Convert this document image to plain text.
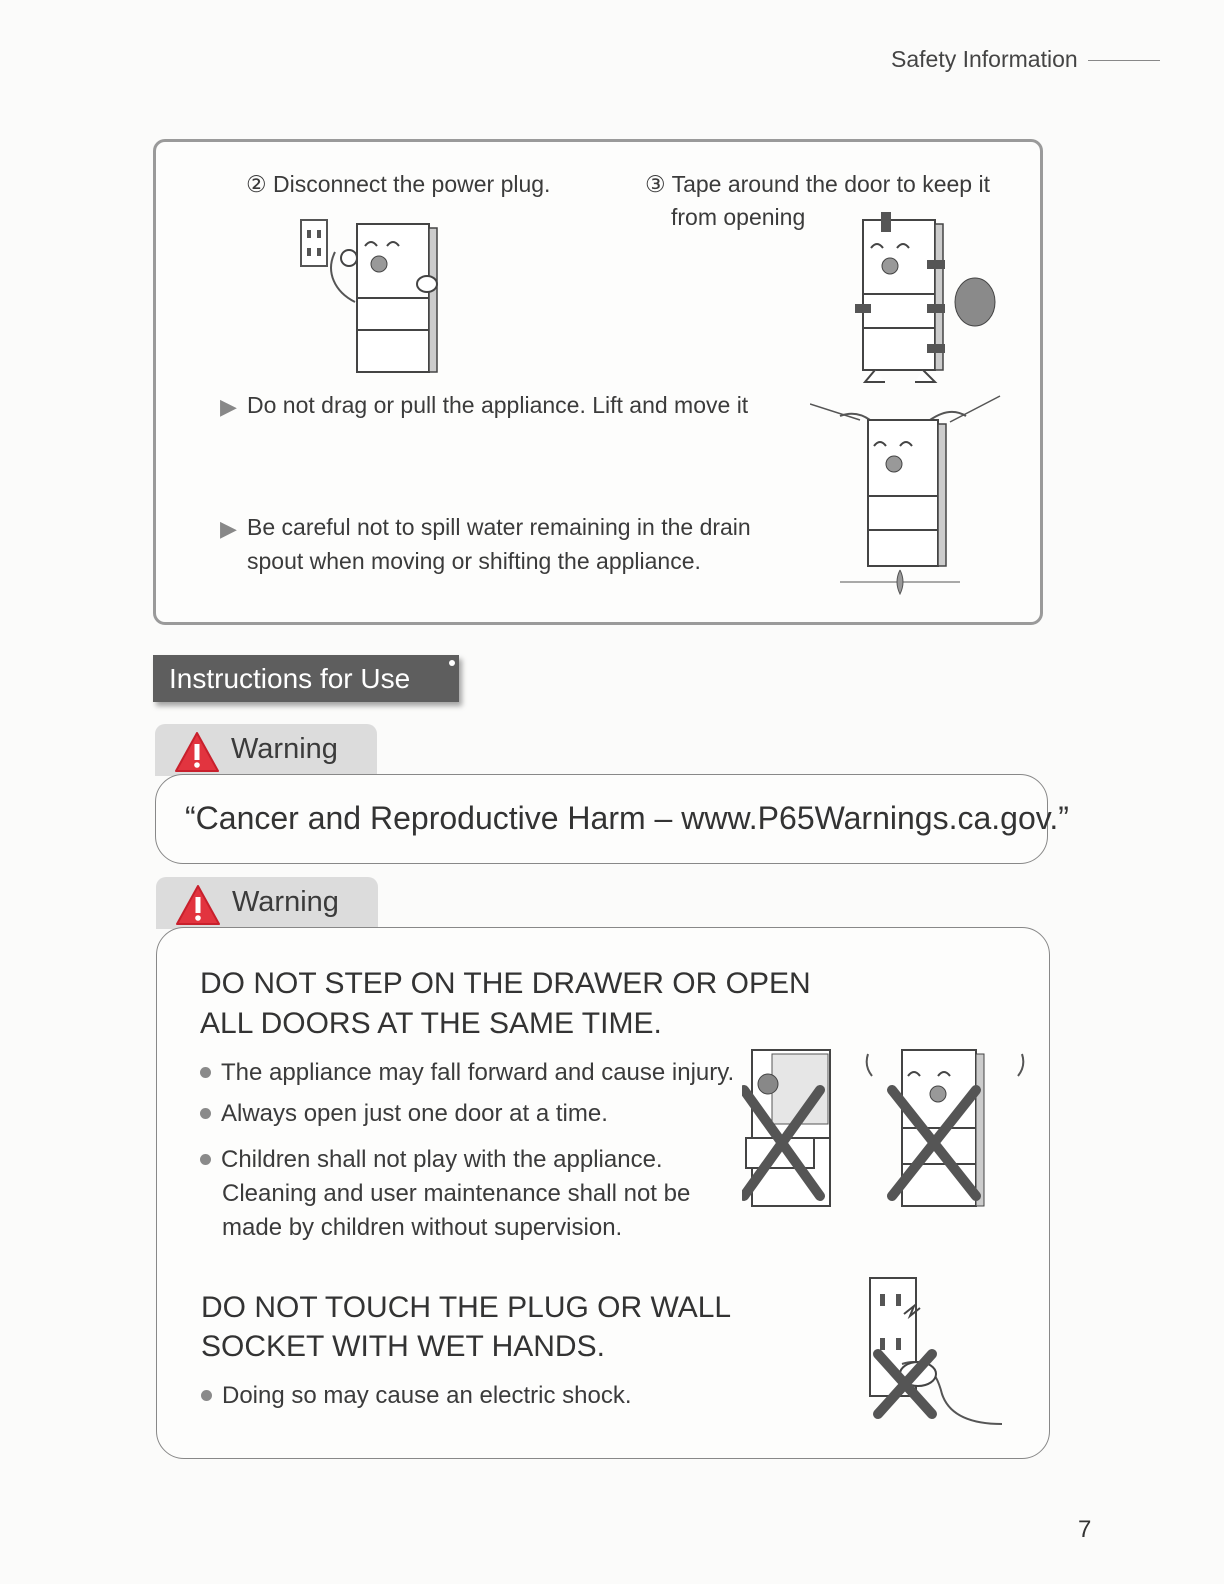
Safety Information
② Disconnect the power plug.	③ Tape around the door to keep it
from opening
▶ Do not drag or pull the appliance. Lift and move it
▶ Be careful not to spill water remaining in the drain
spout when moving or shifting the appliance.
Instructions for Use
Warning
“Cancer and Reproductive Harm – www.P65Warnings.ca.gov.”
Warning
DO NOT STEP ON THE DRAWER OR OPEN
ALL DOORS AT THE SAME TIME.
The appliance may fall forward and cause injury.
Always open just one door at a time.
Children shall not play with the appliance.
Cleaning and user maintenance shall not be
made by children without supervision.
DO NOT TOUCH THE PLUG OR WALL
SOCKET WITH WET HANDS.
Doing so may cause an electric shock.
7
